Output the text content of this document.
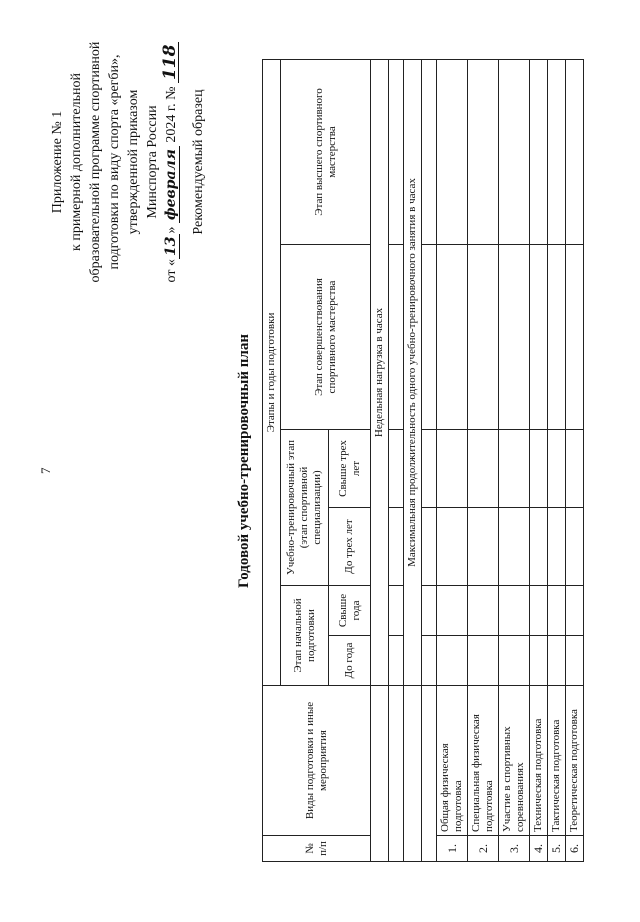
7
Приложение № 1 к примерной дополнительной образовательной программе спортивной подготовки по виду спорта «регби», утвержденной приказом Минспорта России
от «13» февраля 2024 г. № 118
Рекомендуемый образец
Годовой учебно-тренировочный план
№ п/п	Виды подготовки и иные мероприятия	Этапы и годы подготовки					
		Этап начальной подготовки		Учебно-тренировочный этап (этап спортивной специализации)		Этап совершенствования спортивного мастерства	Этап высшего спортивного мастерства
		До года	Свыше года	До трех лет	Свыше трех лет		
		Недельная нагрузка в часах					

		Максимальная продолжительность одного учебно-тренировочного занятия в часах					

1.	Общая физическая подготовка						
2.	Специальная физическая подготовка						
3.	Участие в спортивных соревнованиях						
4.	Техническая подготовка						
5.	Тактическая подготовка						
6.	Теоретическая подготовка						
